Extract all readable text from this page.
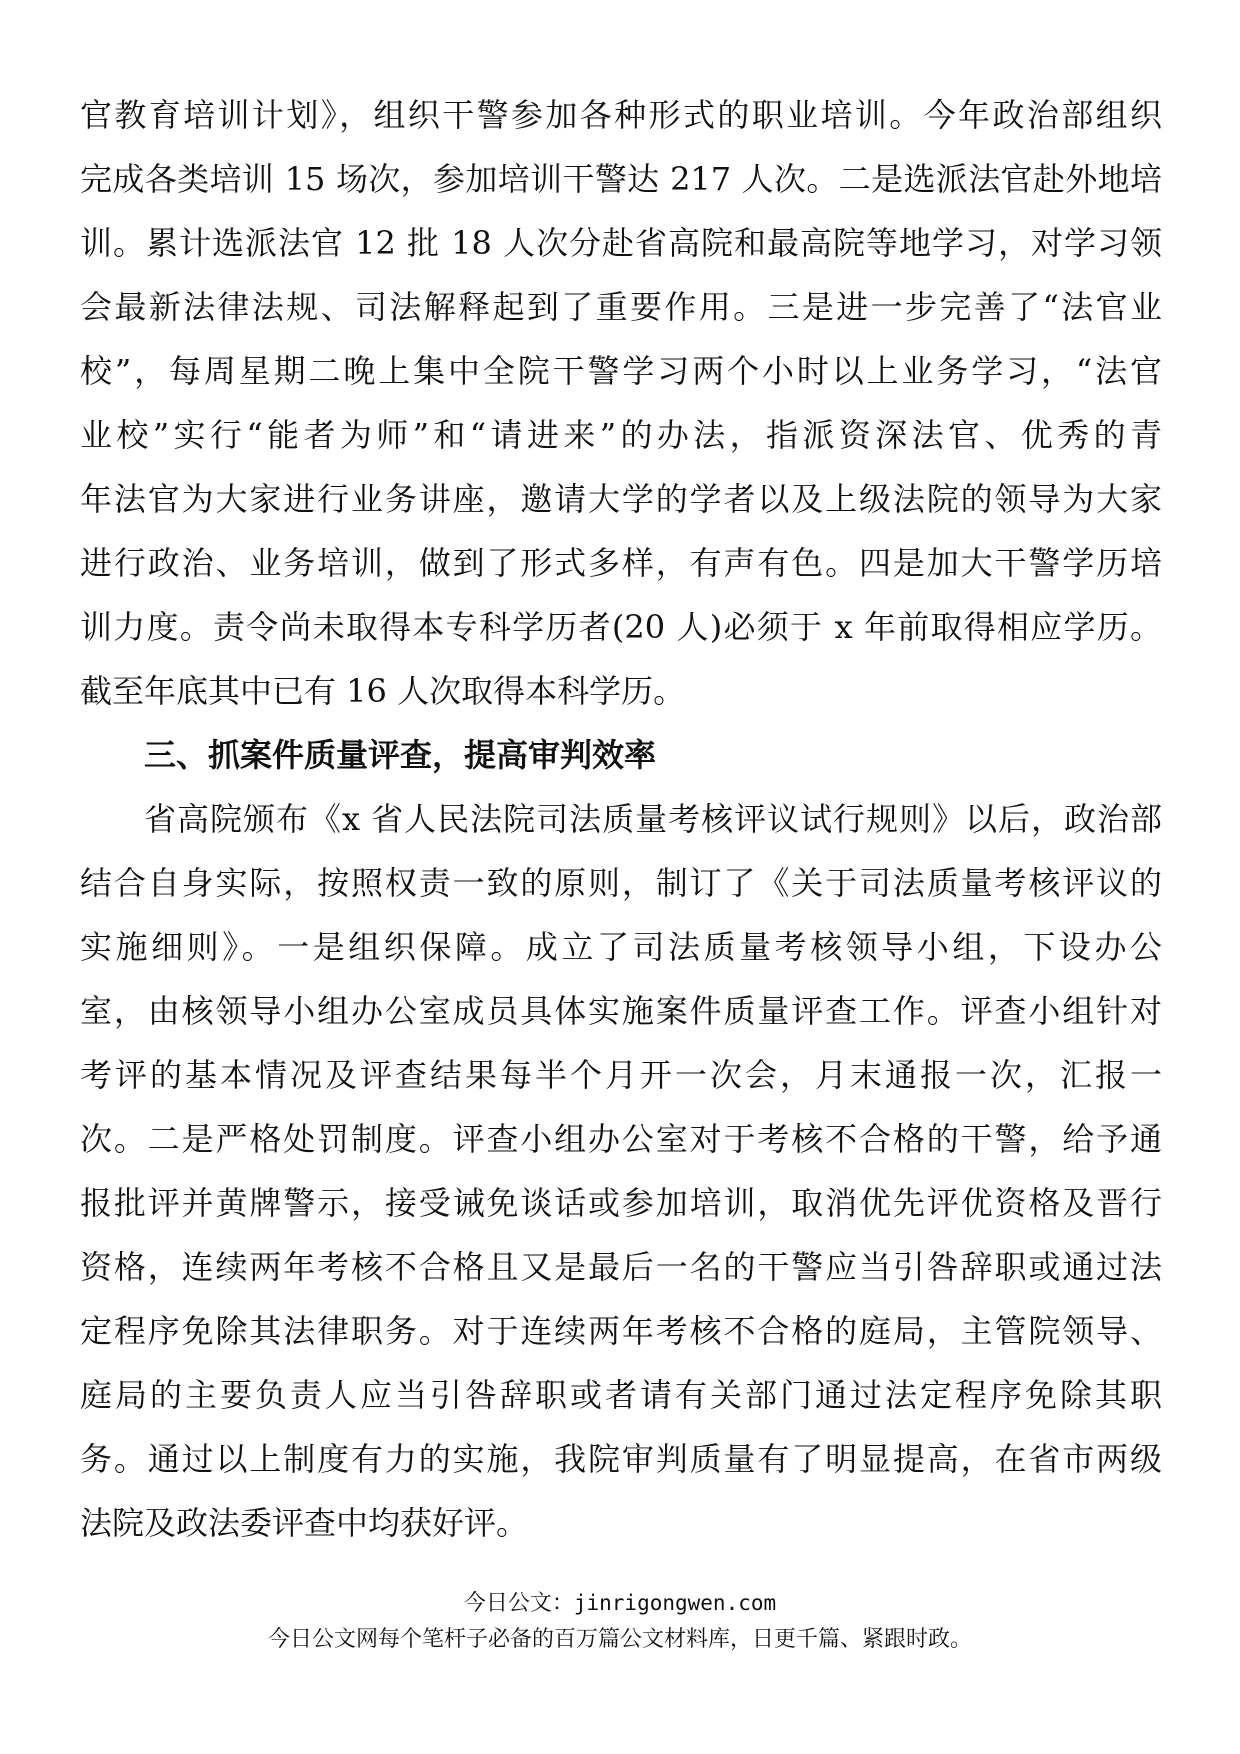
官教育培训计划》，组织干警参加各种形式的职业培训。今年政治部组织
完成各类培训 15 场次，参加培训干警达 217 人次。二是选派法官赴外地培
训。累计选派法官 12 批 18 人次分赴省高院和最高院等地学习，对学习领
会最新法律法规、司法解释起到了重要作用。三是进一步完善了“法官业
校”，每周星期二晚上集中全院干警学习两个小时以上业务学习，“法官
业校”实行“能者为师”和“请进来”的办法，指派资深法官、优秀的青
年法官为大家进行业务讲座，邀请大学的学者以及上级法院的领导为大家
进行政治、业务培训，做到了形式多样，有声有色。四是加大干警学历培
训力度。责令尚未取得本专科学历者(20 人)必须于 x 年前取得相应学历。
截至年底其中已有 16 人次取得本科学历。
三、抓案件质量评查，提高审判效率
省高院颁布《x 省人民法院司法质量考核评议试行规则》以后，政治部
结合自身实际，按照权责一致的原则，制订了《关于司法质量考核评议的
实施细则》。一是组织保障。成立了司法质量考核领导小组，下设办公
室，由核领导小组办公室成员具体实施案件质量评查工作。评查小组针对
考评的基本情况及评查结果每半个月开一次会，月末通报一次，汇报一
次。二是严格处罚制度。评查小组办公室对于考核不合格的干警，给予通
报批评并黄牌警示，接受诫免谈话或参加培训，取消优先评优资格及晋行
资格，连续两年考核不合格且又是最后一名的干警应当引咎辞职或通过法
定程序免除其法律职务。对于连续两年考核不合格的庭局，主管院领导、
庭局的主要负责人应当引咎辞职或者请有关部门通过法定程序免除其职
务。通过以上制度有力的实施，我院审判质量有了明显提高，在省市两级
法院及政法委评查中均获好评。
今日公文：jinrigongwen.com
今日公文网每个笔杆子必备的百万篇公文材料库，日更千篇、紧跟时政。
